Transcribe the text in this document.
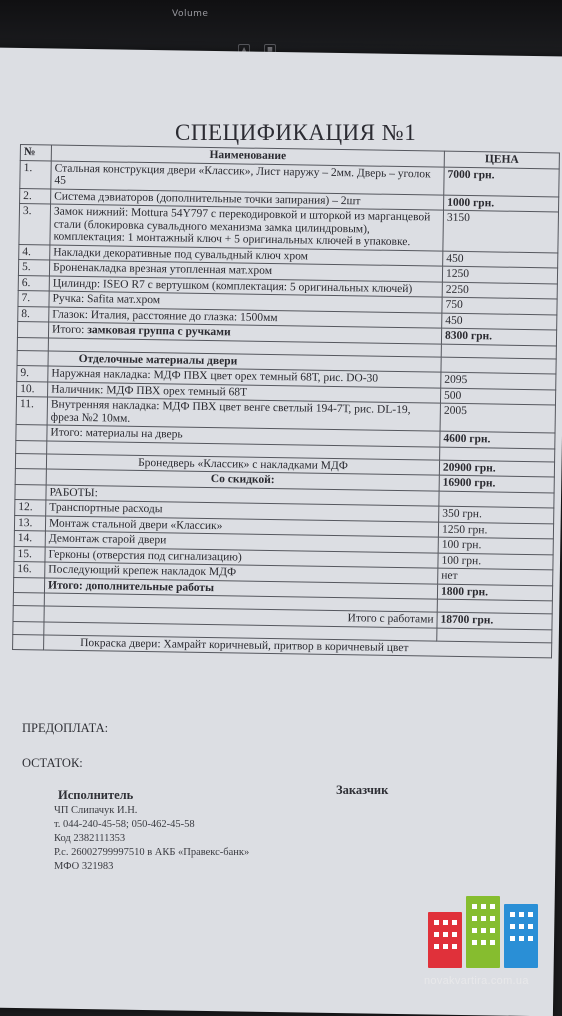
Volume
▲	■
СПЕЦИФИКАЦИЯ №1
№	Наименование	ЦЕНА
1.	Стальная конструкция двери «Классик», Лист наружу – 2мм. Дверь – уголок 45	7000 грн.
2.	Система дэвиаторов (дополнительные точки запирания) – 2шт	1000 грн.
3.	Замок нижний: Mottura 54Y797 с перекодировкой и шторкой из марганцевой стали (блокировка сувальдного механизма замка цилиндровым), комплектация: 1 монтажный ключ + 5 оригинальных ключей в упаковке.	3150
4.	Накладки декоративные под сувальдный ключ хром	450
5.	Броненакладка врезная утопленная мат.хром	1250
6.	Цилиндр: ISEO R7 с вертушком (комплектация: 5 оригинальных ключей)	2250
7.	Ручка: Safita мат.хром	750
8.	Глазок: Италия, расстояние до глазка: 1500мм	450
	Итого: замковая группа с ручками	8300 грн.

	Отделочные материалы двери	
9.	Наружная накладка: МДФ ПВХ цвет орех темный 68Т, рис. DO-30	2095
10.	Наличник: МДФ ПВХ орех темный 68Т	500
11.	Внутренняя накладка: МДФ ПВХ цвет венге светлый 194-7Т, рис. DL-19, фреза №2 10мм.	2005
	Итого: материалы на дверь	4600 грн.

	Бронедверь «Классик» с накладками МДФ	20900 грн.
	Со скидкой:	16900 грн.
	РАБОТЫ:	
12.	Транспортные расходы	350 грн.
13.	Монтаж стальной двери «Классик»	1250 грн.
14.	Демонтаж старой двери	100 грн.
15.	Герконы (отверстия под сигнализацию)	100 грн.
16.	Последующий крепеж накладок МДФ	нет
	Итого: дополнительные работы	1800 грн.

	Итого с работами	18700 грн.

	Покраска двери: Хамрайт коричневый, притвор в коричневый цвет	
ПРЕДОПЛАТА:
ОСТАТОК:
Исполнитель	Заказчик
ЧП Слипачук И.Н.
т. 044-240-45-58; 050-462-45-58
Код 2382111353
Р.с. 26002799997510 в АКБ «Правекс-банк»
МФО 321983
novakvartira.com.ua
